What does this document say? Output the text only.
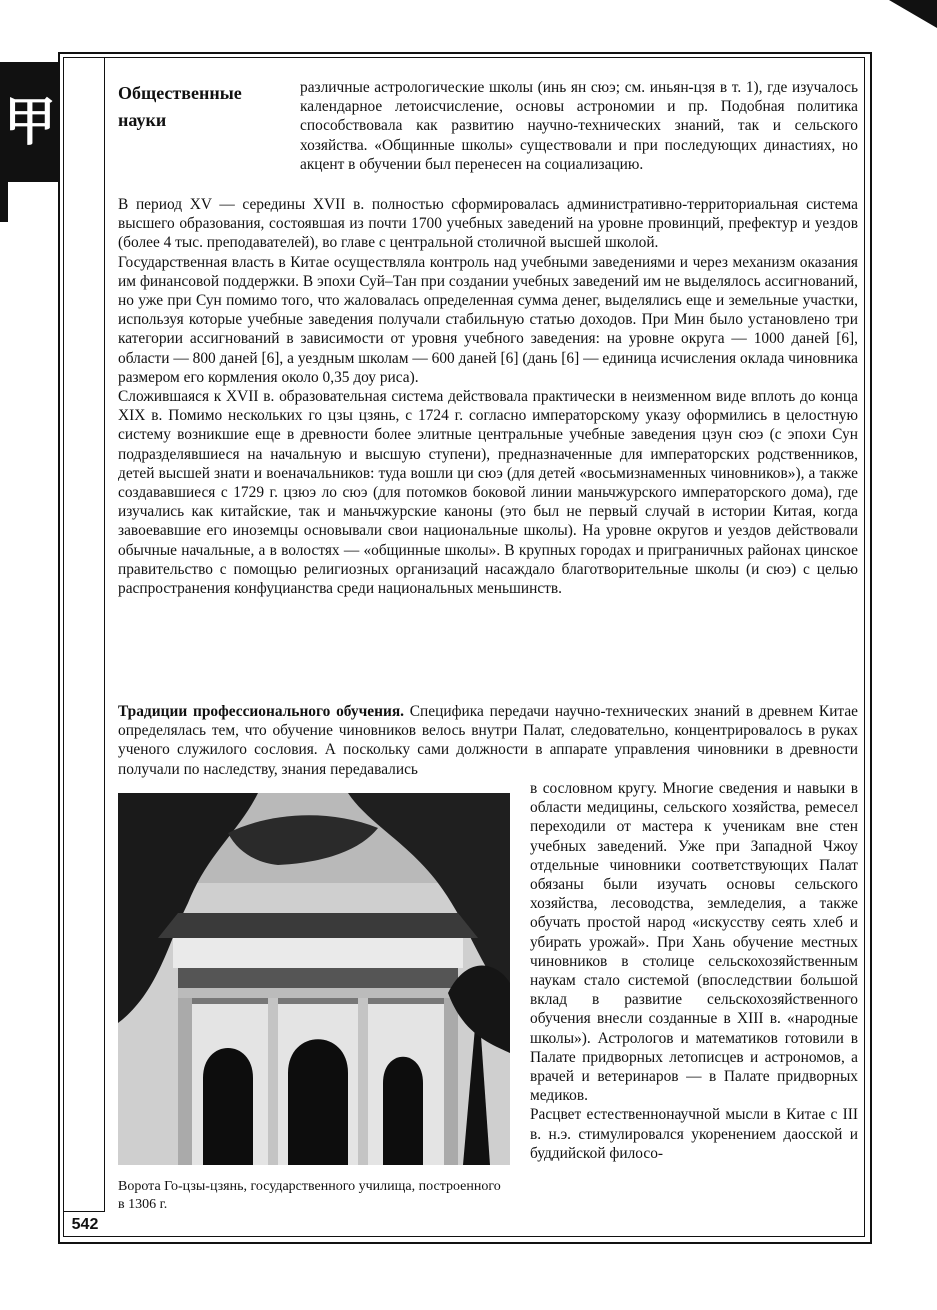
甲	Общественные науки

различные астрологические школы (инь ян сюэ; см. иньян-цзя в т. 1), где изучалось календарное летоисчисление, основы астрономии и пр. Подобная политика способствовала как развитию научно-технических знаний, так и сельского хозяйства. «Общинные школы» существовали и при последующих династиях, но акцент в обучении был перенесен на социализацию.

В период XV — середины XVII в. полностью сформировалась административно-территориальная система высшего образования, состоявшая из почти 1700 учебных заведений на уровне провинций, префектур и уездов (более 4 тыс. преподавателей), во главе с центральной столичной высшей школой.

Государственная власть в Китае осуществляла контроль над учебными заведениями и через механизм оказания им финансовой поддержки. В эпохи Суй–Тан при создании учебных заведений им не выделялось ассигнований, но уже при Сун помимо того, что жаловалась определенная сумма денег, выделялись еще и земельные участки, используя которые учебные заведения получали стабильную статью доходов. При Мин было установлено три категории ассигнований в зависимости от уровня учебного заведения: на уровне округа — 1000 даней [6], области — 800 даней [6], а уездным школам — 600 даней [6] (дань [6] — единица исчисления оклада чиновника размером его кормления около 0,35 доу риса).

Сложившаяся к XVII в. образовательная система действовала практически в неизменном виде вплоть до конца XIX в. Помимо нескольких го цзы цзянь, с 1724 г. согласно императорскому указу оформились в целостную систему возникшие еще в древности более элитные центральные учебные заведения цзун сюэ (с эпохи Сун подразделявшиеся на начальную и высшую ступени), предназначенные для императорских родственников, детей высшей знати и военачальников: туда вошли ци сюэ (для детей «восьмизнаменных чиновников»), а также создававшиеся с 1729 г. цзюэ ло сюэ (для потомков боковой линии маньчжурского императорского дома), где изучались как китайские, так и маньчжурские каноны (это был не первый случай в истории Китая, когда завоевавшие его иноземцы основывали свои национальные школы). На уровне округов и уездов действовали обычные начальные, а в волостях — «общинные школы». В крупных городах и приграничных районах цинское правительство с помощью религиозных организаций насаждало благотворительные школы (и сюэ) с целью распространения конфуцианства среди национальных меньшинств.

Традиции профессионального обучения. Специфика передачи научно-технических знаний в древнем Китае определялась тем, что обучение чиновников велось внутри Палат, следовательно, концентрировалось в руках ученого служилого сословия. А поскольку сами должности в аппарате управления чиновники в древности получали по наследству, знания передавались

Ворота Го-цзы-цзянь, государственного училища, построенного в 1306 г.

в сословном кругу. Многие сведения и навыки в области медицины, сельского хозяйства, ремесел переходили от мастера к ученикам вне стен учебных заведений. Уже при Западной Чжоу отдельные чиновники соответствующих Палат обязаны были изучать основы сельского хозяйства, лесоводства, земледелия, а также обучать простой народ «искусству сеять хлеб и убирать урожай». При Хань обучение местных чиновников в столице сельскохозяйственным наукам стало системой (впоследствии большой вклад в развитие сельскохозяйственного обучения внесли созданные в XIII в. «народные школы»). Астрологов и математиков готовили в Палате придворных летописцев и астрономов, а врачей и ветеринаров — в Палате придворных медиков.

Расцвет естественнонаучной мысли в Китае с III в. н.э. стимулировался укоренением даосской и буддийской филосо-

542
